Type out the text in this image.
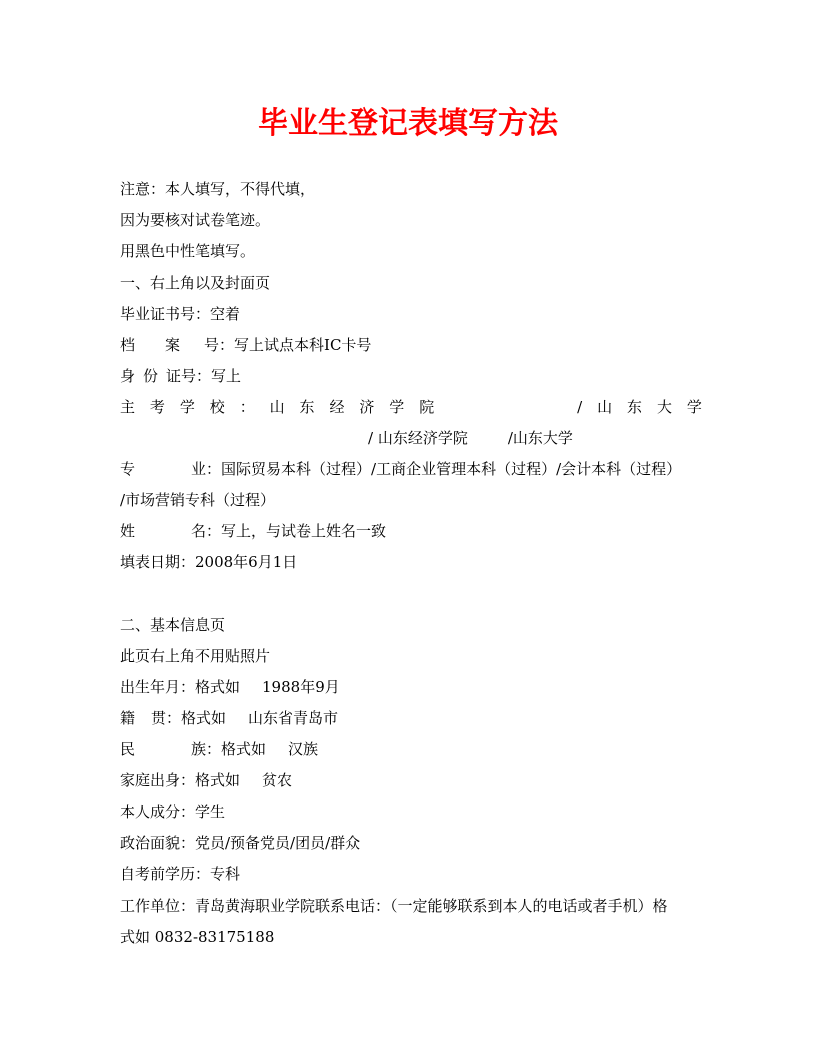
毕业生登记表填写方法
注意：本人填写，不得代填，
因为要核对试卷笔迹。
用黑色中性笔填写。
一、右上角以及封面页
毕业证书号：空着
档 案 号：写上试点本科IC卡号
身 份 证号：写上
主 考 学 校 ： 山 东 经 济 学 院	/ 山 东 大 学
/ 山东经济学院	/山东大学
专	业：国际贸易本科（过程）/工商企业管理本科（过程）/会计本科（过程）
/市场营销专科（过程）
姓	名：写上，与试卷上姓名一致
填表日期：2008年6月1日
二、基本信息页
此页右上角不用贴照片
出生年月：格式如 1988年9月
籍 贯：格式如 山东省青岛市
民	族：格式如 汉族
家庭出身：格式如 贫农
本人成分：学生
政治面貌：党员/预备党员/团员/群众
自考前学历：专科
工作单位：青岛黄海职业学院联系电话：（一定能够联系到本人的电话或者手机）格
式如 0832-83175188
